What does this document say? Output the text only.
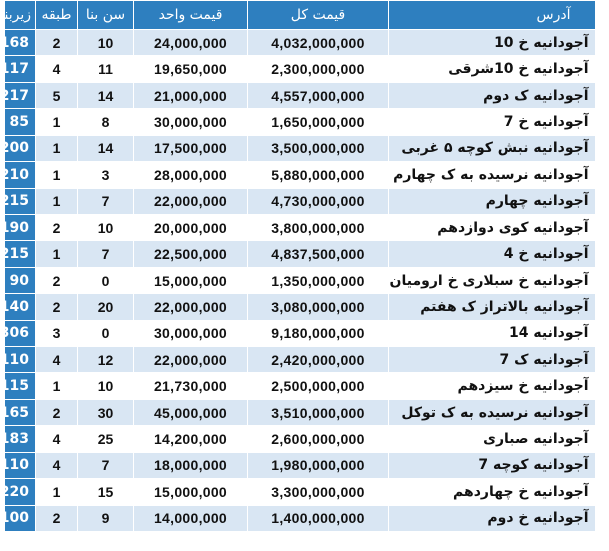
آدرس	قیمت کل	قیمت واحد	سن بنا	طبقه	زیربنا
آجودانیه خ 10	4,032,000,000	24,000,000	10	2	168
آجودانیه خ 10شرقی	2,300,000,000	19,650,000	11	4	117
آجودانیه ک دوم	4,557,000,000	21,000,000	14	5	217
آجودانیه خ 7	1,650,000,000	30,000,000	8	1	85
آجودانیه نبش کوچه ۵ غربی	3,500,000,000	17,500,000	14	1	200
آجودانیه نرسیده به ک چهارم	5,880,000,000	28,000,000	3	1	210
آجودانیه چهارم	4,730,000,000	22,000,000	7	1	215
آجودانیه کوی دوازدهم	3,800,000,000	20,000,000	10	2	190
آجودانیه خ 4	4,837,500,000	22,500,000	7	1	215
آجودانیه خ سبلاری خ ارومیان	1,350,000,000	15,000,000	0	2	90
آجودانیه بالاتراز ک هفتم	3,080,000,000	22,000,000	20	2	140
آجودانیه 14	9,180,000,000	30,000,000	0	3	306
آجودانیه ک 7	2,420,000,000	22,000,000	12	4	110
آجودانیه خ سیزدهم	2,500,000,000	21,730,000	10	1	115
آجودانیه نرسیده به ک توکل	3,510,000,000	45,000,000	30	2	165
آجودانیه صباری	2,600,000,000	14,200,000	25	4	183
آجودانیه کوچه 7	1,980,000,000	18,000,000	7	4	110
آجودانیه خ چهاردهم	3,300,000,000	15,000,000	15	1	220
آجودانیه خ دوم	1,400,000,000	14,000,000	9	2	100
